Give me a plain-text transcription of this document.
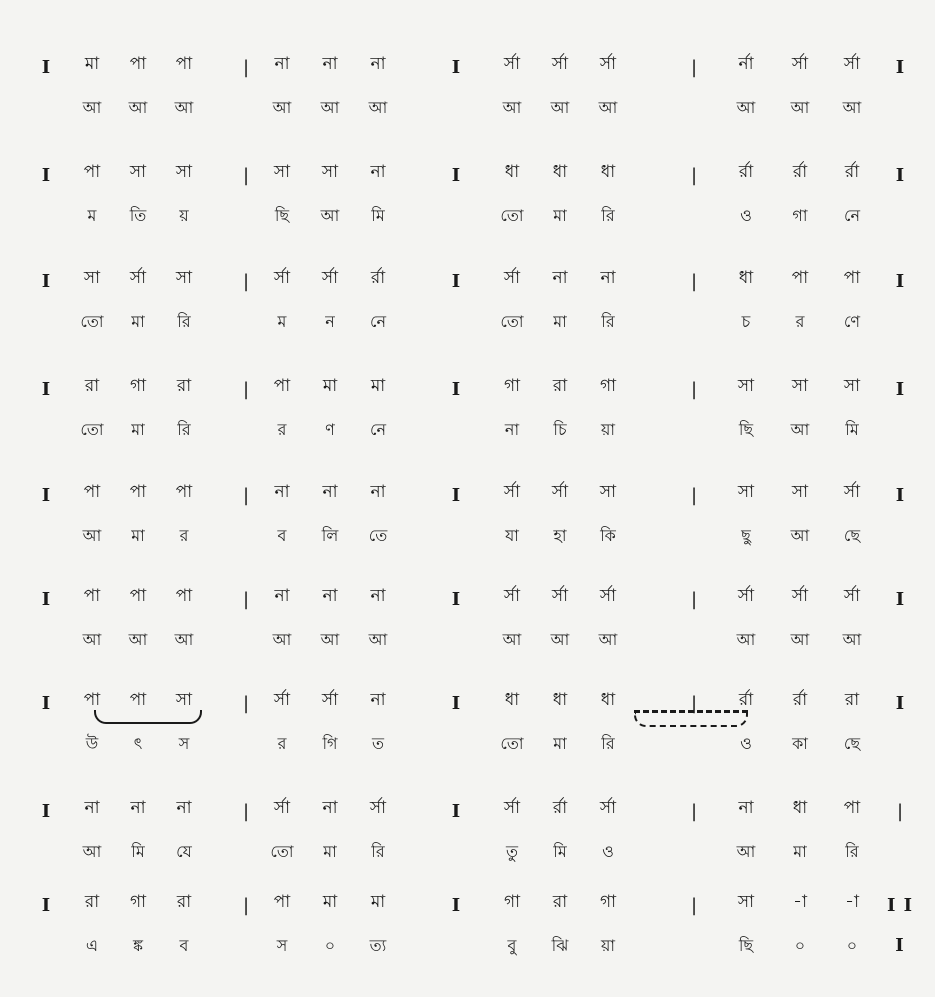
I	|	I	|	I
মা	পা	পা	না	না	না	র্সা	র্সা	র্সা	র্না	র্সা	র্সা
আ	আ	আ	আ	আ	আ	আ	আ	আ	আ	আ	আ
I	|	I	|	I
পা	সা	সা	সা	সা	না	ধা	ধা	ধা	র্রা	র্রা	র্রা
ম	তি	য়	ছি	আ	মি	তো	মা	রি	ও	গা	নে
I	|	I	|	I
সা	র্সা	সা	র্সা	র্সা	র্রা	র্সা	না	না	ধা	পা	পা
তো	মা	রি	ম	ন	নে	তো	মা	রি	চ	র	ণে
I	|	I	|	I
রা	গা	রা	পা	মা	মা	গা	রা	গা	সা	সা	সা
তো	মা	রি	র	ণ	নে	না	চি	য়া	ছি	আ	মি
I	|	I	|	I
পা	পা	পা	না	না	না	র্সা	র্সা	সা	সা	সা	র্সা
আ	মা	র	ব	লি	তে	যা	হা	কি	ছু	আ	ছে
I	|	I	|	I
পা	পা	পা	না	না	না	র্সা	র্সা	র্সা	র্সা	র্সা	র্সা
আ	আ	আ	আ	আ	আ	আ	আ	আ	আ	আ	আ
I	|	I	|	I
পা	পা	সা	র্সা	র্সা	না	ধা	ধা	ধা	র্রা	র্রা	রা
উ	ৎ	স	র	গি	ত	তো	মা	রি	ও	কা	ছে
I	|	I	|	|
না	না	না	র্সা	না	র্সা	র্সা	র্রা	র্সা	না	ধা	পা
আ	মি	যে	তো	মা	রি	তু	মি	ও	আ	মা	রি
I	|	I	|	I I I
রা	গা	রা	পা	মা	মা	গা	রা	গা	সা	-া	-া
এ	ঙ্ক	ব	স	০	ত্য	বু	ঝি	য়া	ছি	০	০
